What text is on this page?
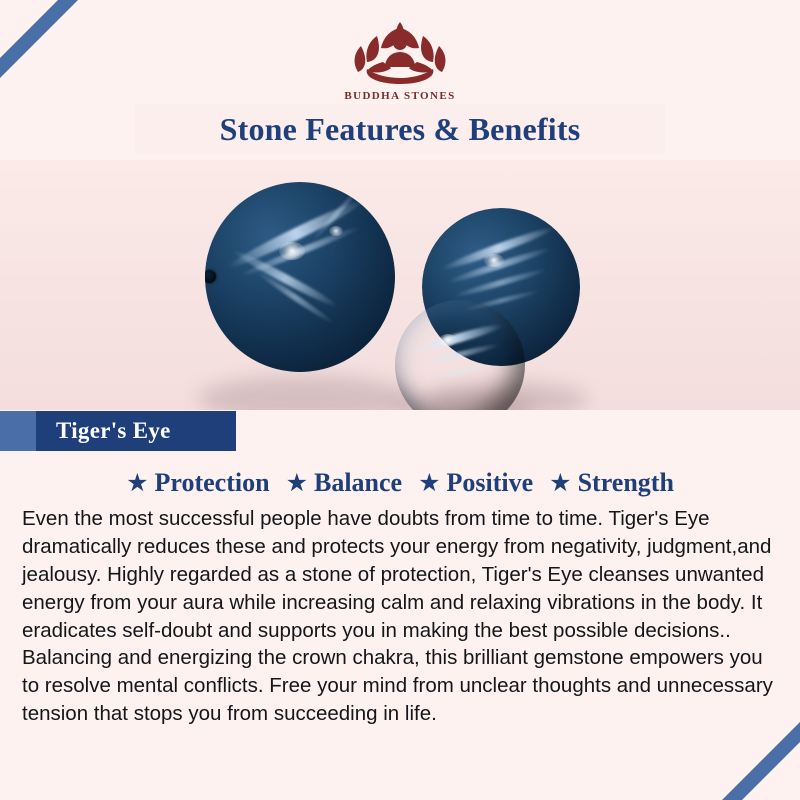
BUDDHA STONES
Stone Features & Benefits
Tiger's Eye
★ Protection ★ Balance ★ Positive ★ Strength
Even the most successful people have doubts from time to time. Tiger's Eye dramatically reduces these and protects your energy from negativity, judgment,and jealousy. Highly regarded as a stone of protection, Tiger's Eye cleanses unwanted energy from your aura while increasing calm and relaxing vibrations in the body. It eradicates self-doubt and supports you in making the best possible decisions.. Balancing and energizing the crown chakra, this brilliant gemstone empowers you to resolve mental conflicts. Free your mind from unclear thoughts and unnecessary tension that stops you from succeeding in life.
